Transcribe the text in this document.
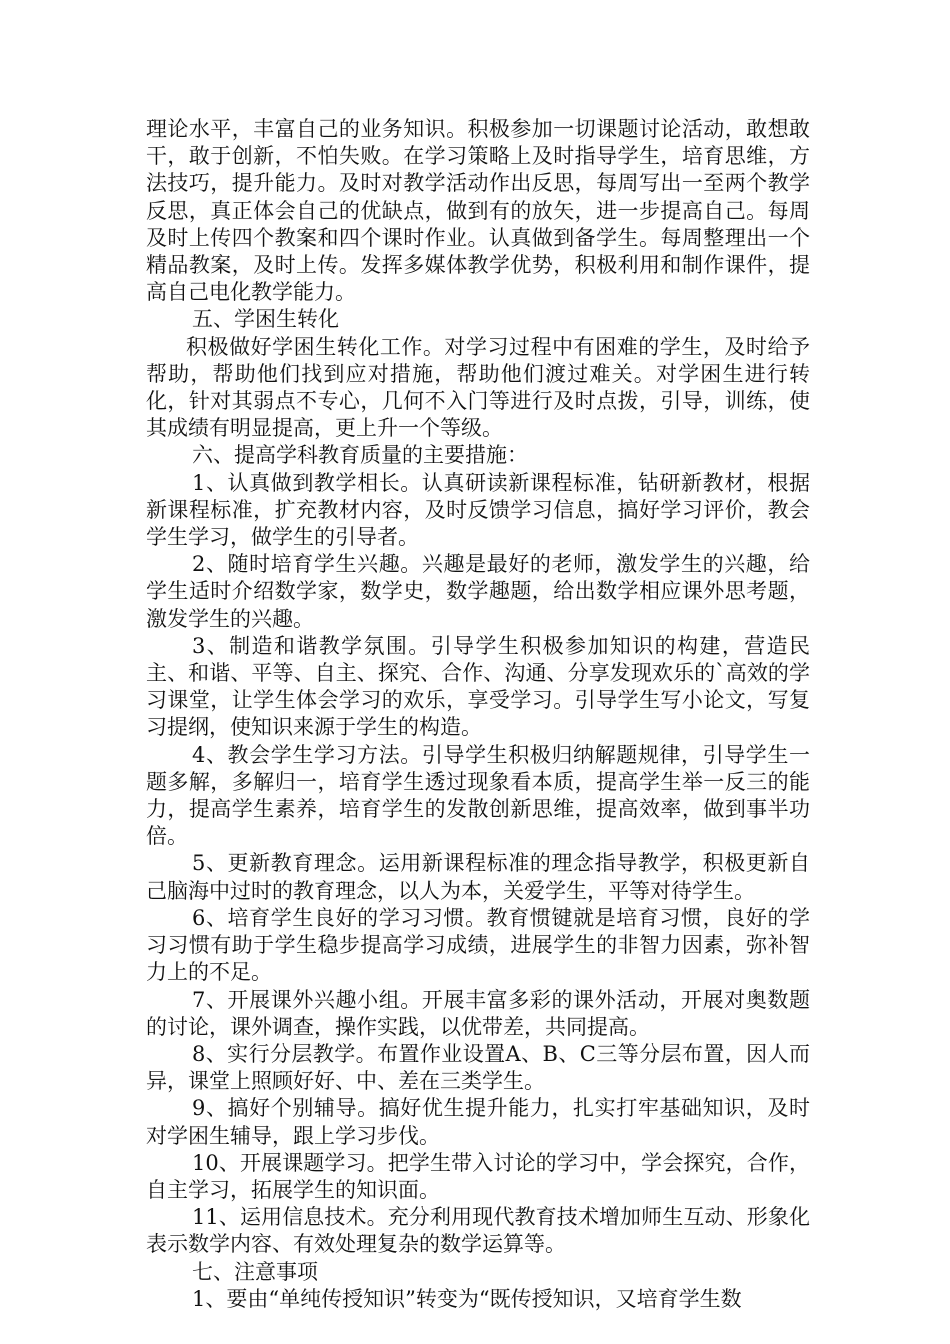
理论水平，丰富自己的业务知识。积极参加一切课题讨论活动，敢想敢干，敢于创新，不怕失败。在学习策略上及时指导学生，培育思维，方法技巧，提升能力。及时对教学活动作出反思，每周写出一至两个教学反思，真正体会自己的优缺点，做到有的放矢，进一步提高自己。每周及时上传四个教案和四个课时作业。认真做到备学生。每周整理出一个精品教案，及时上传。发挥多媒体教学优势，积极利用和制作课件，提高自己电化教学能力。

五、学困生转化

积极做好学困生转化工作。对学习过程中有困难的学生，及时给予帮助，帮助他们找到应对措施，帮助他们渡过难关。对学困生进行转化，针对其弱点不专心，几何不入门等进行及时点拨，引导，训练，使其成绩有明显提高，更上升一个等级。

六、提高学科教育质量的主要措施：

1、认真做到教学相长。认真研读新课程标准，钻研新教材，根据新课程标准，扩充教材内容，及时反馈学习信息，搞好学习评价，教会学生学习，做学生的引导者。

2、随时培育学生兴趣。兴趣是最好的老师，激发学生的兴趣，给学生适时介绍数学家，数学史，数学趣题，给出数学相应课外思考题，激发学生的兴趣。

3、制造和谐教学氛围。引导学生积极参加知识的构建，营造民主、和谐、平等、自主、探究、合作、沟通、分享发现欢乐的`高效的学习课堂，让学生体会学习的欢乐，享受学习。引导学生写小论文，写复习提纲，使知识来源于学生的构造。

4、教会学生学习方法。引导学生积极归纳解题规律，引导学生一题多解，多解归一，培育学生透过现象看本质，提高学生举一反三的能力，提高学生素养，培育学生的发散创新思维，提高效率，做到事半功倍。

5、更新教育理念。运用新课程标准的理念指导教学，积极更新自己脑海中过时的教育理念，以人为本，关爱学生，平等对待学生。

6、培育学生良好的学习习惯。教育惯键就是培育习惯，良好的学习习惯有助于学生稳步提高学习成绩，进展学生的非智力因素，弥补智力上的不足。

7、开展课外兴趣小组。开展丰富多彩的课外活动，开展对奥数题的讨论，课外调查，操作实践，以优带差，共同提高。

8、实行分层教学。布置作业设置A、B、C三等分层布置，因人而异，课堂上照顾好好、中、差在三类学生。

9、搞好个别辅导。搞好优生提升能力，扎实打牢基础知识，及时对学困生辅导，跟上学习步伐。

10、开展课题学习。把学生带入讨论的学习中，学会探究，合作，自主学习，拓展学生的知识面。

11、运用信息技术。充分利用现代教育技术增加师生互动、形象化表示数学内容、有效处理复杂的数学运算等。

七、注意事项

1、要由“单纯传授知识”转变为“既传授知识，又培育学生数
